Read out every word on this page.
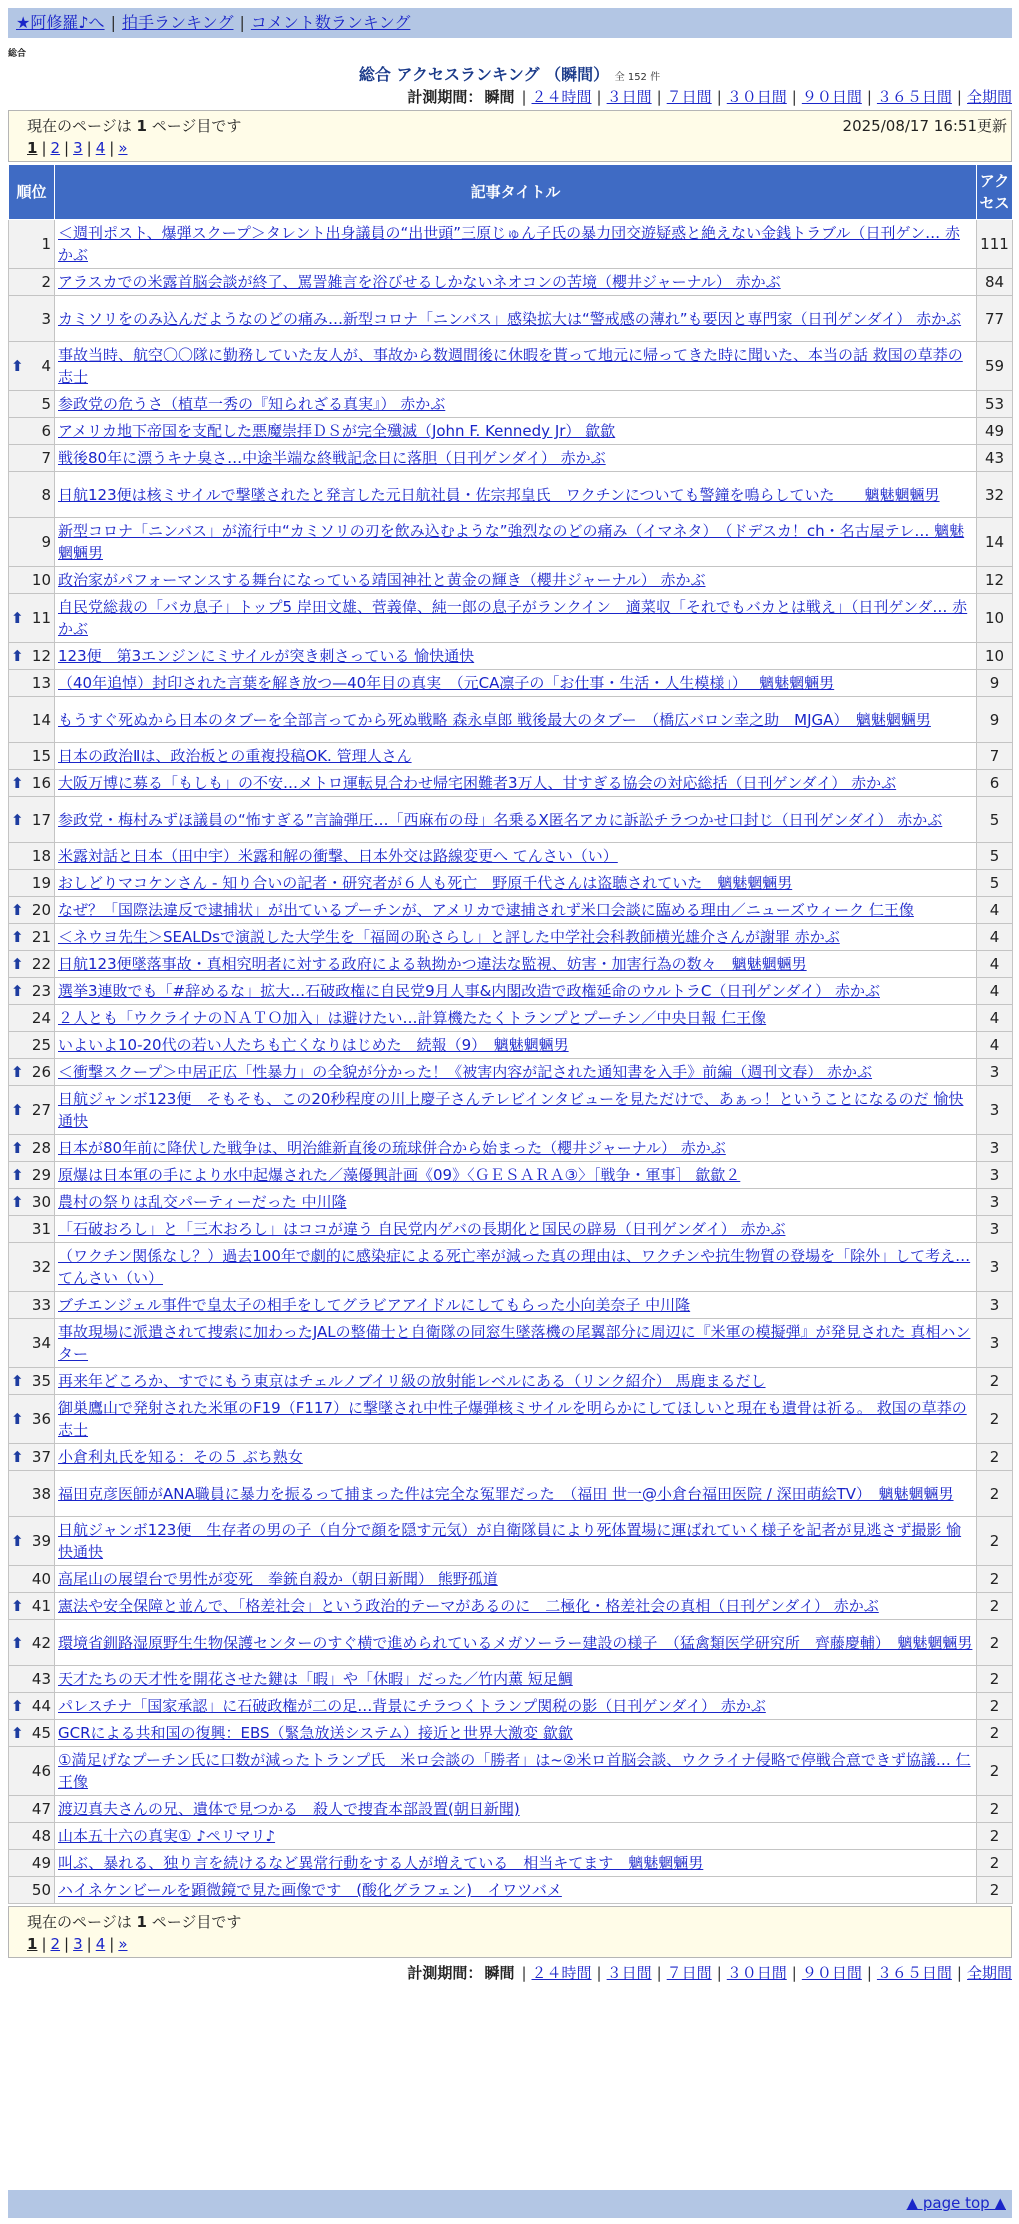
★阿修羅♪へ | 拍手ランキング | コメント数ランキング
総合
総合 アクセスランキング （瞬間） 全 152 件
計測期間： 瞬間 | ２４時間 | ３日間 | ７日間 | ３０日間 | ９０日間 | ３６５日間 | 全期間
現在のページは 1 ページ目です	2025/08/17 16:51更新
1 | 2 | 3 | 4 | »
順位	記事タイトル	アクセス
1	＜週刊ポスト、爆弾スクープ＞タレント出身議員の“出世頭”三原じゅん子氏の暴力団交遊疑惑と絶えない金銭トラブル（日刊ゲン… 赤かぶ	111
2	アラスカでの米露首脳会談が終了、罵詈雑言を浴びせるしかないネオコンの苦境（櫻井ジャーナル） 赤かぶ	84
3	カミソリをのみ込んだようなのどの痛み…新型コロナ「ニンバス」感染拡大は“警戒感の薄れ”も要因と専門家（日刊ゲンダイ） 赤かぶ	77

⬆ 4	事故当時、航空〇〇隊に勤務していた友人が、事故から数週間後に休暇を貰って地元に帰ってきた時に聞いた、本当の話 救国の草莽の志士	59
5	参政党の危うさ（植草一秀の『知られざる真実』） 赤かぶ	53
6	アメリカ地下帝国を支配した悪魔崇拝ＤＳが完全殲滅（John F. Kennedy Jr） 歙歙	49
7	戦後80年に漂うキナ臭さ…中途半端な終戦記念日に落胆（日刊ゲンダイ） 赤かぶ	43
8	日航123便は核ミサイルで撃墜されたと発言した元日航社員・佐宗邦皇氏　ワクチンについても警鐘を鳴らしていた　　魑魅魍魎男	32
9	新型コロナ「ニンバス」が流行中“カミソリの刃を飲み込むような”強烈なのどの痛み（イマネタ）　（ドデスカ！ch・名古屋テレ… 魑魅魍魎男	14
10	政治家がパフォーマンスする舞台になっている靖国神社と黄金の輝き（櫻井ジャーナル） 赤かぶ	12

⬆ 11	自民党総裁の「バカ息子」トップ5 岸田文雄、菅義偉、純一郎の息子がランクイン　適菜収「それでもバカとは戦え」（日刊ゲンダ… 赤かぶ	10

⬆ 12	123便　第3エンジンにミサイルが突き刺さっている 愉快通快	10
13	（40年追悼）封印された言葉を解き放つ—40年目の真実　（元CA凛子の「お仕事・生活・人生模様」）　 魑魅魍魎男	9
14	もうすぐ死ぬから日本のタブーを全部言ってから死ぬ戦略 森永卓郎 戦後最大のタブー　（橋広バロン幸之助　MJGA）　魑魅魍魎男	9
15	日本の政治Ⅱは、政治板との重複投稿OK. 管理人さん	7

⬆ 16	大阪万博に募る「もしも」の不安…メトロ運転見合わせ帰宅困難者3万人、甘すぎる協会の対応総括（日刊ゲンダイ） 赤かぶ	6

⬆ 17	参政党・梅村みずほ議員の“怖すぎる”言論弾圧…「西麻布の母」名乗るX匿名アカに訴訟チラつかせ口封じ（日刊ゲンダイ） 赤かぶ	5
18	米露対話と日本（田中宇）米露和解の衝撃、日本外交は路線変更へ てんさい（い）	5
19	おしどりマコケンさん - 知り合いの記者・研究者が６人も死亡　野原千代さんは盗聴されていた　魑魅魍魎男	5

⬆ 20	なぜ？「国際法違反で逮捕状」が出ているプーチンが、アメリカで逮捕されず米口会談に臨める理由／ニューズウィーク 仁王像	4

⬆ 21	＜ネウヨ先生＞SEALDsで演説した大学生を「福岡の恥さらし」と評した中学社会科教師横光雄介さんが謝罪 赤かぶ	4

⬆ 22	日航123便墜落事故・真相究明者に対する政府による執拗かつ違法な監視、妨害・加害行為の数々　魑魅魍魎男	4

⬆ 23	選挙3連敗でも「#辞めるな」拡大…石破政権に自民党9月人事&内閣改造で政権延命のウルトラC（日刊ゲンダイ） 赤かぶ	4
24	２人とも「ウクライナのＮＡＴＯ加入」は避けたい…計算機たたくトランプとプーチン／中央日報 仁王像	4
25	いよいよ10-20代の若い人たちも亡くなりはじめた　続報（9）　魑魅魍魎男	4

⬆ 26	＜衝撃スクープ＞中居正広「性暴力」の全貌が分かった！《被害内容が記された通知書を入手》前編（週刊文春） 赤かぶ	3

⬆ 27	日航ジャンボ123便　そもそも、この20秒程度の川上慶子さんテレビインタビューを見ただけで、あぁっ！ということになるのだ 愉快通快	3

⬆ 28	日本が80年前に降伏した戦争は、明治維新直後の琉球併合から始まった（櫻井ジャーナル） 赤かぶ	3

⬆ 29	原爆は日本軍の手により水中起爆された／藻優興計画《09》〈ＧＥＳＡＲＡ③〉［戦争・軍事］ 歙歙２	3

⬆ 30	農村の祭りは乱交パーティーだった 中川隆	3
31	「石破おろし」と「三木おろし」はココが違う 自民党内ゲバの長期化と国民の辟易（日刊ゲンダイ） 赤かぶ	3
32	（ワクチン関係なし？）過去100年で劇的に感染症による死亡率が減った真の理由は、ワクチンや抗生物質の登場を「除外」して考え… てんさい（い）	3
33	ブチエンジェル事件で皇太子の相手をしてグラビアアイドルにしてもらった小向美奈子 中川隆	3
34	事故現場に派遣されて捜索に加わったJALの整備士と自衛隊の同窓生墜落機の尾翼部分に周辺に『米軍の模擬弾』が発見された 真相ハンター	3

⬆ 35	再来年どころか、すでにもう東京はチェルノブイリ級の放射能レベルにある（リンク紹介） 馬鹿まるだし	2

⬆ 36	御巣鷹山で発射された米軍のF19（F117）に撃墜され中性子爆弾核ミサイルを明らかにしてほしいと現在も遺骨は祈る。 救国の草莽の志士	2

⬆ 37	小倉利丸氏を知る：その５ ぶち熟女	2
38	福田克彦医師がANA職員に暴力を振るって捕まった件は完全な冤罪だった　（福田 世一@小倉台福田医院 / 深田萌絵TV）　魑魅魍魎男	2

⬆ 39	日航ジャンボ123便　生存者の男の子（自分で顔を隠す元気）が自衛隊員により死体置場に運ばれていく様子を記者が見逃さず撮影 愉快通快	2
40	高尾山の展望台で男性が変死　拳銃自殺か（朝日新聞） 熊野孤道	2

⬆ 41	憲法や安全保障と並んで、「格差社会」という政治的テーマがあるのに　二極化・格差社会の真相（日刊ゲンダイ） 赤かぶ	2

⬆ 42	環境省釧路湿原野生生物保護センターのすぐ横で進められているメガソーラー建設の様子　（猛禽類医学研究所　齊藤慶輔）　魑魅魍魎男	2
43	天才たちの天才性を開花させた鍵は「暇」や「休暇」だった／竹内薫 短足鯛	2

⬆ 44	パレスチナ「国家承認」に石破政権が二の足…背景にチラつくトランプ関税の影（日刊ゲンダイ） 赤かぶ	2

⬆ 45	GCRによる共和国の復興：EBS（緊急放送システム）接近と世界大激変 歙歙	2
46	①満足げなプーチン氏に口数が減ったトランプ氏　米ロ会談の「勝者」は~②米ロ首脳会談、ウクライナ侵略で停戦合意できず協議… 仁王像	2
47	渡辺真夫さんの兄、遺体で見つかる　殺人で捜査本部設置(朝日新聞)	2
48	山本五十六の真実① ♪ペリマリ♪	2
49	叫ぶ、暴れる、独り言を続けるなど異常行動をする人が増えている　相当キてます　魑魅魍魎男	2
50	ハイネケンビールを顕微鏡で見た画像です　(酸化グラフェン)　イワツバメ	2
現在のページは 1 ページ目です
1 | 2 | 3 | 4 | »
計測期間： 瞬間 | ２４時間 | ３日間 | ７日間 | ３０日間 | ９０日間 | ３６５日間 | 全期間
▲ page top ▲
